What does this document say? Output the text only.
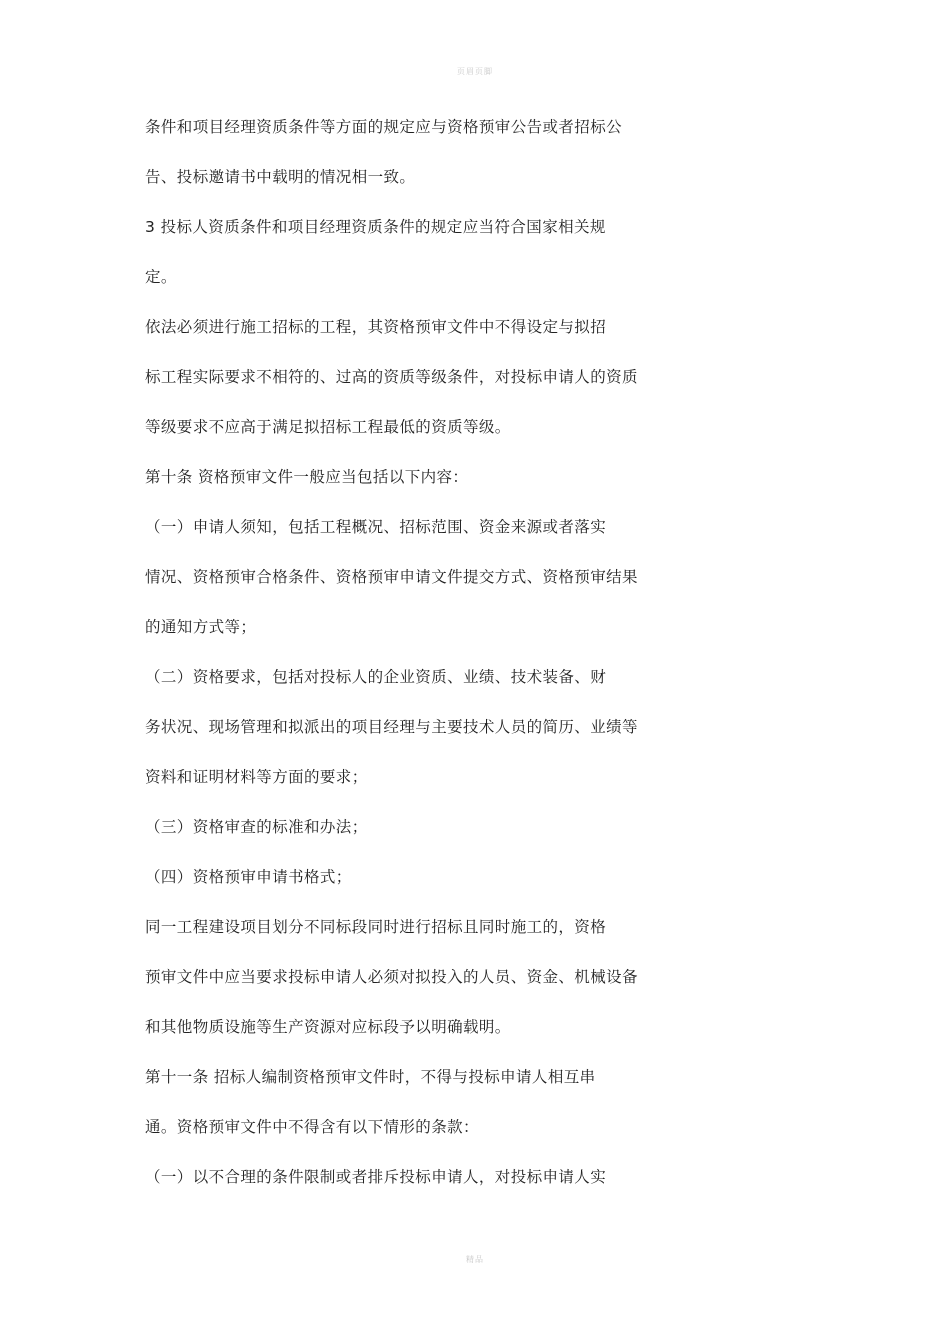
页眉页脚
条件和项目经理资质条件等方面的规定应与资格预审公告或者招标公
告、投标邀请书中载明的情况相一致。
3 投标人资质条件和项目经理资质条件的规定应当符合国家相关规
定。
依法必须进行施工招标的工程，其资格预审文件中不得设定与拟招
标工程实际要求不相符的、过高的资质等级条件，对投标申请人的资质
等级要求不应高于满足拟招标工程最低的资质等级。
第十条 资格预审文件一般应当包括以下内容：
（一）申请人须知，包括工程概况、招标范围、资金来源或者落实
情况、资格预审合格条件、资格预审申请文件提交方式、资格预审结果
的通知方式等；
（二）资格要求，包括对投标人的企业资质、业绩、技术装备、财
务状况、现场管理和拟派出的项目经理与主要技术人员的简历、业绩等
资料和证明材料等方面的要求；
（三）资格审查的标准和办法；
（四）资格预审申请书格式；
同一工程建设项目划分不同标段同时进行招标且同时施工的，资格
预审文件中应当要求投标申请人必须对拟投入的人员、资金、机械设备
和其他物质设施等生产资源对应标段予以明确载明。
第十一条 招标人编制资格预审文件时，不得与投标申请人相互串
通。资格预审文件中不得含有以下情形的条款：
（一）以不合理的条件限制或者排斥投标申请人，对投标申请人实
精品
